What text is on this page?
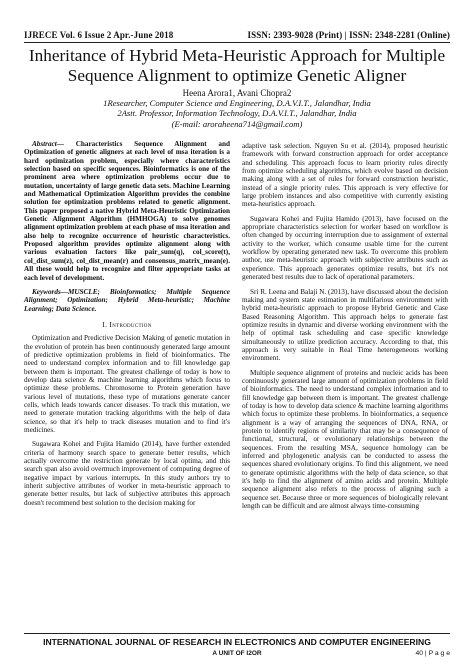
IJRECE Vol. 6 Issue 2 Apr.-June 2018	ISSN: 2393-9028 (Print) | ISSN: 2348-2281 (Online)
Inheritance of Hybrid Meta-Heuristic Approach for Multiple Sequence Alignment to optimize Genetic Aligner
Heena Arora1, Avani Chopra2
1Researcher, Computer Science and Engineering, D.A.V.I.T., Jalandhar, India
2Astt. Professor, Information Technology, D.A.V.I.T., Jalandhar, India
(E-mail: aroraheena714@gmail.com)

Abstract— Characteristics Sequence Alignment and Optimization of genetic aligners at each level of msa iteration is a hard optimization problem, especially where characteristics selection based on specific sequences. Bioinformatics is one of the prominent area where optimization problems occur due to mutation, uncertainty of large genetic data sets. Machine Learning and Mathematical Optimization Algorithm provides the combine solution for optimization problems related to genetic alignment. This paper proposed a native Hybrid Meta-Heuristic Optimization Genetic Alignment Algorithm (HMHOGA) to solve genomes alignment optimization problem at each phase of msa iteration and also help to recognize occurrence of heuristic characteristics. Proposed algorithm provides optimize alignment along with various evaluation factors like pair_sum(q), col_score(t), col_dist_sum(z), col_dist_mean(r) and consensus_matrix_mean(e). All these would help to recognize and filter appropriate tasks at each level of development.

Keywords—MUSCLE; Bioinformatics; Multiple Sequence Alignment; Optimization; Hybrid Meta-heuristic; Machine Learning; Data Science.

I. Introduction

Optimization and Predictive Decision Making of genetic mutation in the evolution of protein has been continuously generated large amount of predictive optimization problems in field of bioinformatics. The need to understand complex information and to fill knowledge gap between them is important. The greatest challenge of today is how to develop data science & machine learning algorithms which focus to optimize these problems. Chromosome to Protein generation have various level of mutations, these type of mutations generate cancer cells, which leads towards cancer diseases. To track this mutation, we need to generate mutation tracking algorithms with the help of data science, so that it's help to track diseases mutation and to find it's medicines.

Sugawara Kohei and Fujita Hamido (2014), have further extended criteria of harmony search space to generate better results, which actually overcome the restriction generate by local optima, and this search span also avoid overmuch improvement of computing degree of negative impact by various interrupts. In this study authors try to inherit subjective attributes of worker in meta-heuristic approach to generate better results, but lack of subjective attributes this approach doesn't recommend best solution to the decision making for

adaptive task selection. Nguyen Su et al. (2014), proposed heuristic framework with forward construction approach for order acceptance and scheduling. This approach focus to learn priority rules directly from optimize scheduling algorithms, which evolve based on decision making along with a set of rules for forward construction heuristic, instead of a single priority rules. This approach is very effective for large problem instances and also competitive with currently existing meta-heuristics approach.

Sugawara Kohei and Fujita Hamido (2013), have focused on the appropriate characteristics selection for worker based on workflow is often changed by occurring interruption due to assignment of external activity to the worker, which consume usable time for the current workflow by operating generated new task. To overcome this problem author, use meta-heuristic approach with subjective attributes such as experience. This approach generates optimize results, but it's not generated best results due to lack of operational parameters.

Sri R. Leena and Balaji N. (2013), have discussed about the decision making and system state estimation in multifarious environment with hybrid meta-heuristic approach to propose Hybrid Genetic and Case Based Reasoning Algorithm. This approach helps to generate fast optimize results in dynamic and diverse working environment with the help of optimal task scheduling and case specific knowledge simultaneously to utilize prediction accuracy. According to that, this approach is very suitable in Real Time heterogeneous working environment.

Multiple sequence alignment of proteins and nucleic acids has been continuously generated large amount of optimization problems in field of bioinformatics. The need to understand complex information and to fill knowledge gap between them is important. The greatest challenge of today is how to develop data science & machine learning algorithms which focus to optimize these problems. In bioinformatics, a sequence alignment is a way of arranging the sequences of DNA, RNA, or protein to identify regions of similarity that may be a consequence of functional, structural, or evolutionary relationships between the sequences. From the resulting MSA, sequence homology can be inferred and phylogenetic analysis can be conducted to assess the sequences shared evolutionary origins. To find this alignment, we need to generate optimistic algorithms with the help of data science, so that it's help to find the alignment of amino acids and protein. Multiple sequence alignment also refers to the process of aligning such a sequence set. Because three or more sequences of biologically relevant length can be difficult and are almost always time-consuming

INTERNATIONAL JOURNAL OF RESEARCH IN ELECTRONICS AND COMPUTER ENGINEERING
A UNIT OF I2OR	40 | P a g e
